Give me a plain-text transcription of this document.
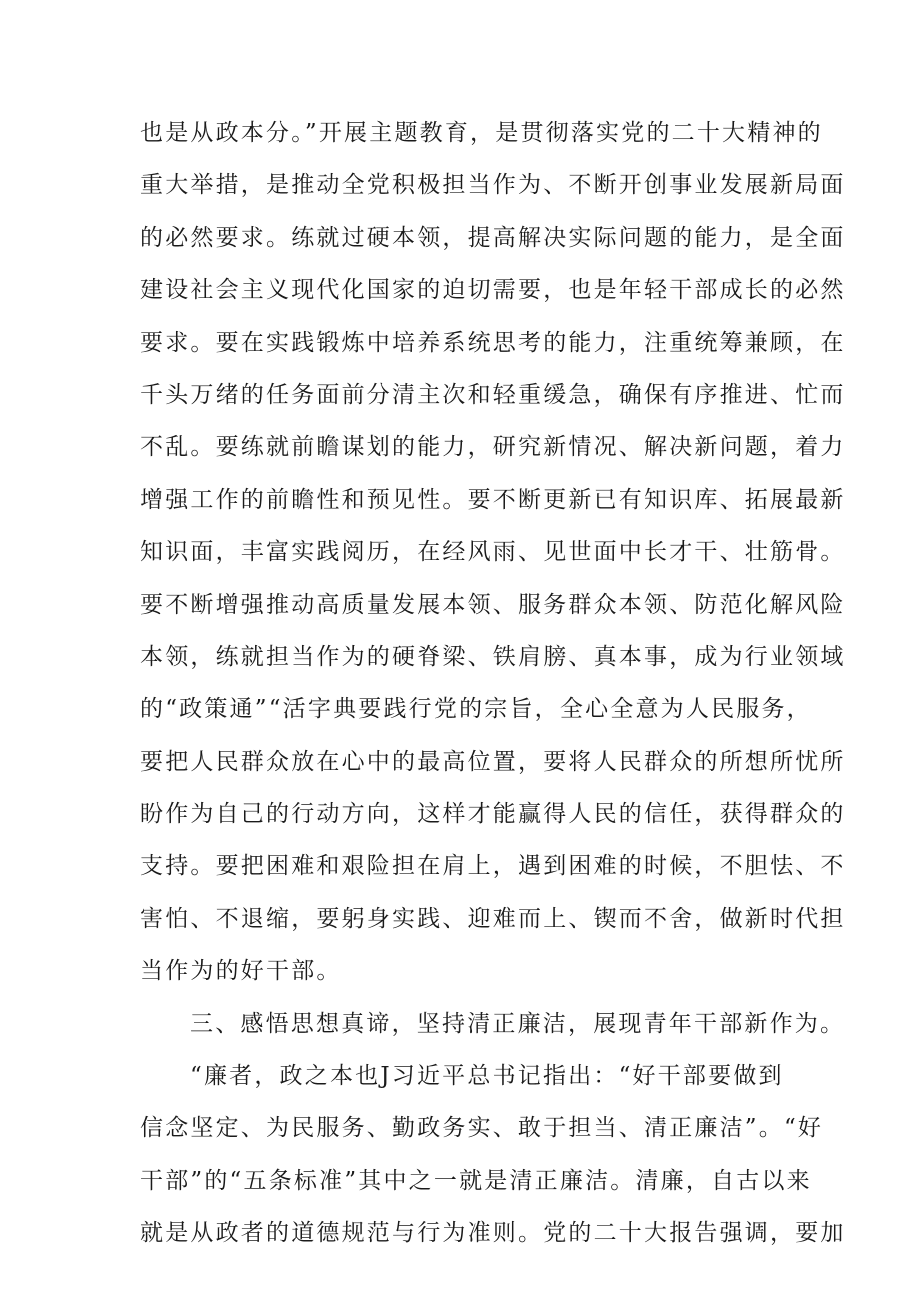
也是从政本分。”开展主题教育，是贯彻落实党的二十大精神的
重大举措，是推动全党积极担当作为、不断开创事业发展新局面
的必然要求。练就过硬本领，提高解决实际问题的能力，是全面
建设社会主义现代化国家的迫切需要，也是年轻干部成长的必然
要求。要在实践锻炼中培养系统思考的能力，注重统筹兼顾，在
千头万绪的任务面前分清主次和轻重缓急，确保有序推进、忙而
不乱。要练就前瞻谋划的能力，研究新情况、解决新问题，着力
增强工作的前瞻性和预见性。要不断更新已有知识库、拓展最新
知识面，丰富实践阅历，在经风雨、见世面中长才干、壮筋骨。
要不断增强推动高质量发展本领、服务群众本领、防范化解风险
本领，练就担当作为的硬脊梁、铁肩膀、真本事，成为行业领域
的“政策通”“活字典要践行党的宗旨，全心全意为人民服务，
要把人民群众放在心中的最高位置，要将人民群众的所想所忧所
盼作为自己的行动方向，这样才能赢得人民的信任，获得群众的
支持。要把困难和艰险担在肩上，遇到困难的时候，不胆怯、不
害怕、不退缩，要躬身实践、迎难而上、锲而不舍，做新时代担
当作为的好干部。
三、感悟思想真谛，坚持清正廉洁，展现青年干部新作为。
“廉者，政之本也J习近平总书记指出：“好干部要做到
信念坚定、为民服务、勤政务实、敢于担当、清正廉洁”。“好
干部”的“五条标准”其中之一就是清正廉洁。清廉，自古以来
就是从政者的道德规范与行为准则。党的二十大报告强调，要加
